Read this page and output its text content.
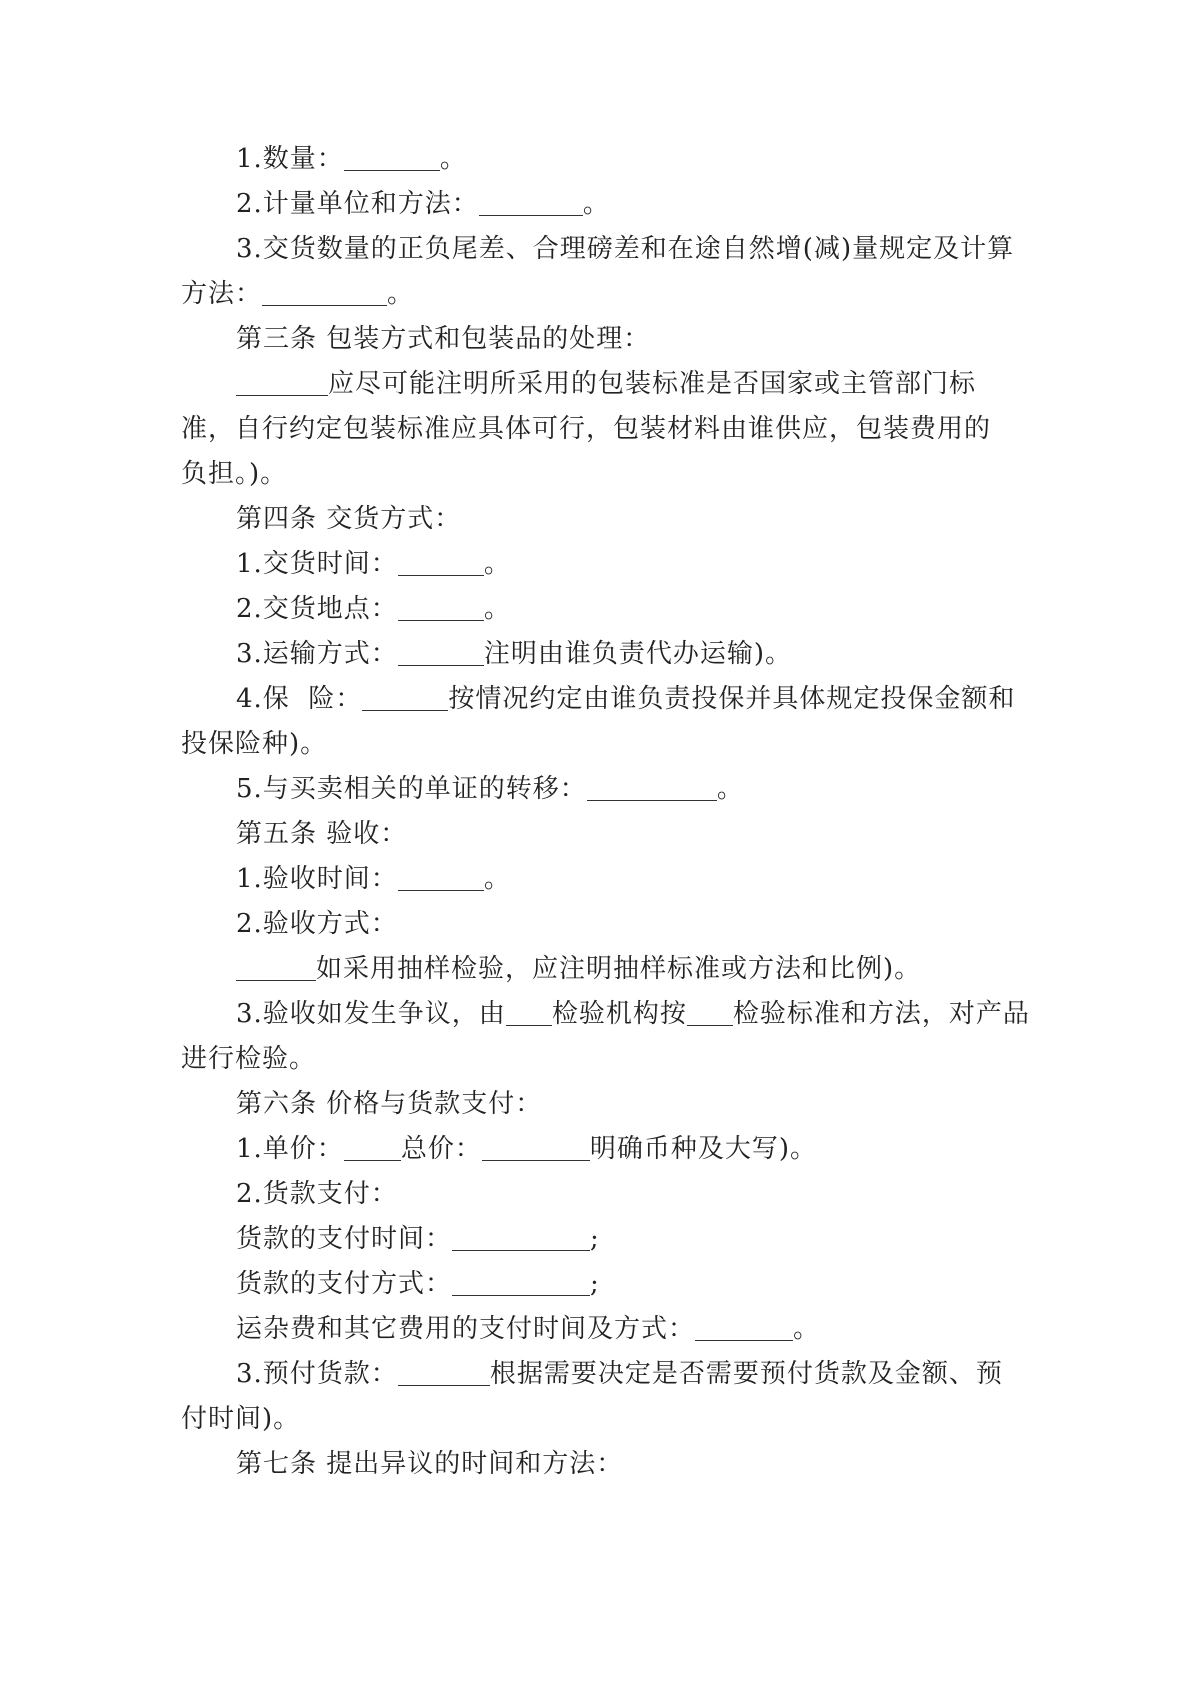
1.数量：	。
2.计量单位和方法：	。
3.交货数量的正负尾差、合理磅差和在途自然增(减)量规定及计算
方法：	。
第三条 包装方式和包装品的处理：
应尽可能注明所采用的包装标准是否国家或主管部门标
准，自行约定包装标准应具体可行，包装材料由谁供应，包装费用的
负担。)。
第四条 交货方式：
1.交货时间：	。
2.交货地点：	。
3.运输方式：	注明由谁负责代办运输)。
4.保  险：	按情况约定由谁负责投保并具体规定投保金额和
投保险种)。
5.与买卖相关的单证的转移：	。
第五条 验收：
1.验收时间：	。
2.验收方式：
如采用抽样检验，应注明抽样标准或方法和比例)。
3.验收如发生争议，由 检验机构按 检验标准和方法，对产品
进行检验。
第六条 价格与货款支付：
1.单价： 总价：	明确币种及大写)。
2.货款支付：
货款的支付时间：	;
货款的支付方式：	;
运杂费和其它费用的支付时间及方式：	。
3.预付货款：	根据需要决定是否需要预付货款及金额、预
付时间)。
第七条 提出异议的时间和方法：
